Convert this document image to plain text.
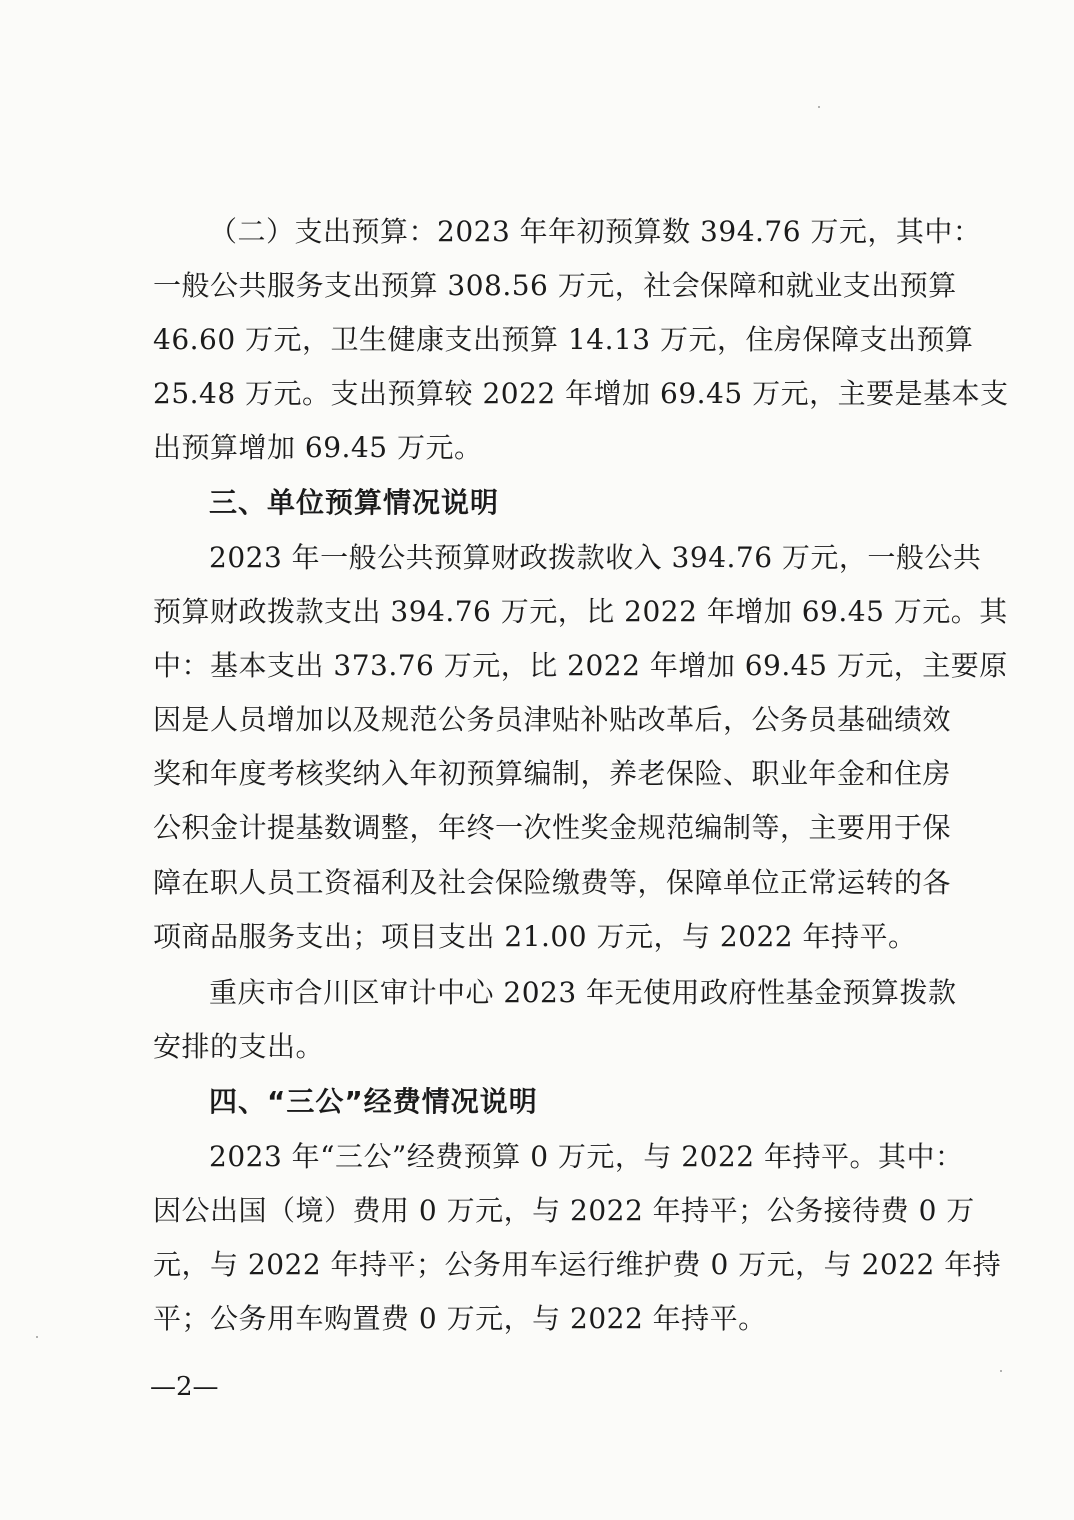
（二）支出预算：2023 年年初预算数 394.76 万元，其中：
一般公共服务支出预算 308.56 万元，社会保障和就业支出预算
46.60 万元，卫生健康支出预算 14.13 万元，住房保障支出预算
25.48 万元。支出预算较 2022 年增加 69.45 万元，主要是基本支
出预算增加 69.45 万元。
三、单位预算情况说明
2023 年一般公共预算财政拨款收入 394.76 万元，一般公共
预算财政拨款支出 394.76 万元，比 2022 年增加 69.45 万元。其
中：基本支出 373.76 万元，比 2022 年增加 69.45 万元，主要原
因是人员增加以及规范公务员津贴补贴改革后，公务员基础绩效
奖和年度考核奖纳入年初预算编制，养老保险、职业年金和住房
公积金计提基数调整，年终一次性奖金规范编制等，主要用于保
障在职人员工资福利及社会保险缴费等，保障单位正常运转的各
项商品服务支出；项目支出 21.00 万元，与 2022 年持平。
重庆市合川区审计中心 2023 年无使用政府性基金预算拨款
安排的支出。
四、“三公”经费情况说明
2023 年“三公”经费预算 0 万元，与 2022 年持平。其中：
因公出国（境）费用 0 万元，与 2022 年持平；公务接待费 0 万
元，与 2022 年持平；公务用车运行维护费 0 万元，与 2022 年持
平；公务用车购置费 0 万元，与 2022 年持平。
—2—
